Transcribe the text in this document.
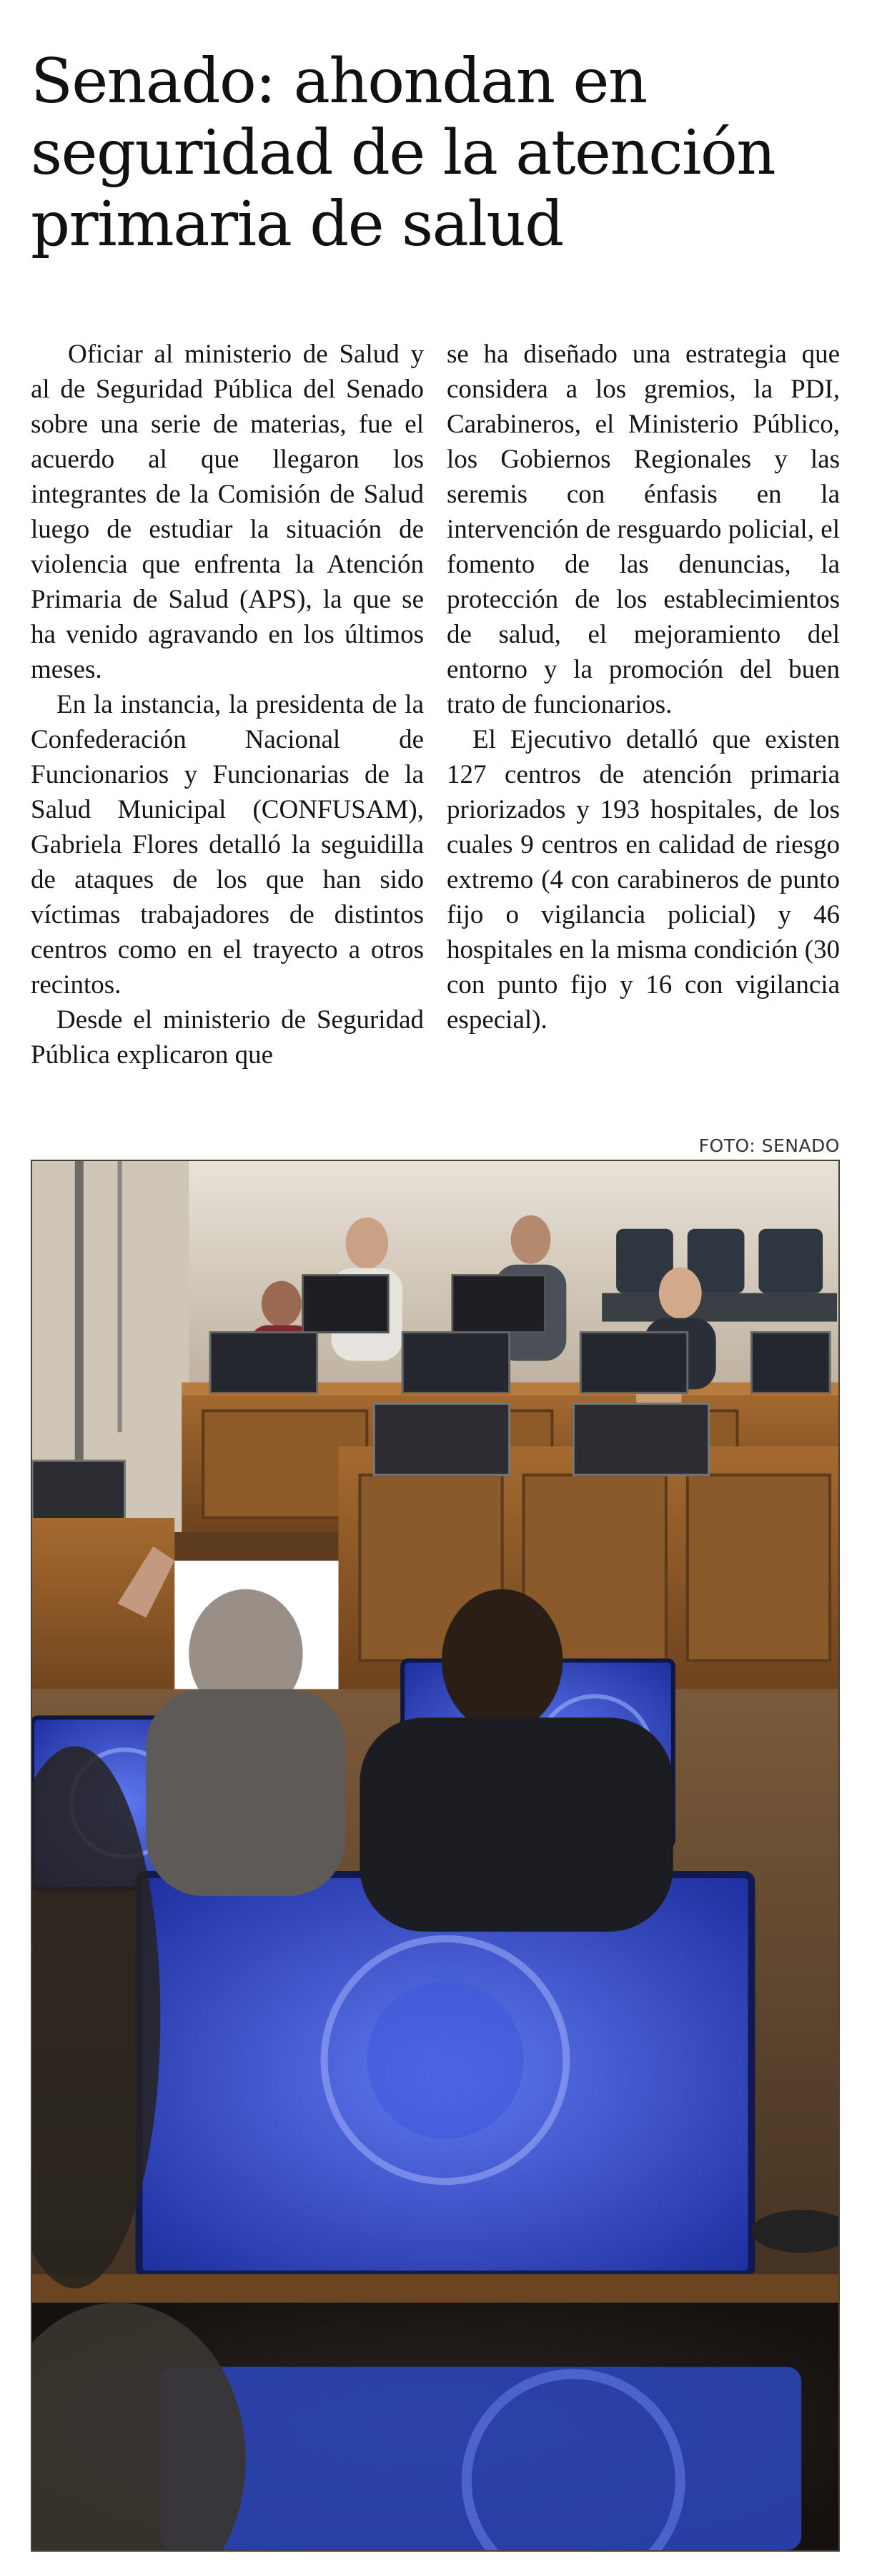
Senado: ahondan en
seguridad de la atención
primaria de salud

Oficiar al ministerio de Salud y al de Seguridad Pública del Senado sobre una serie de materias, fue el acuerdo al que llegaron los integrantes de la Comisión de Salud luego de estudiar la situación de violencia que enfrenta la Atención Primaria de Salud (APS), la que se ha venido agravando en los últimos meses.

En la instancia, la presidenta de la Confederación Nacional de Funcionarios y Funcionarias de la Salud Municipal (CONFUSAM), Gabriela Flores detalló la seguidilla de ataques de los que han sido víctimas trabajadores de distintos centros como en el trayecto a otros recintos.

Desde el ministerio de Seguridad Pública explicaron que

se ha diseñado una estrategia que considera a los gremios, la PDI, Carabineros, el Ministerio Público, los Gobiernos Regionales y las seremis con énfasis en la intervención de resguardo policial, el fomento de las denuncias, la protección de los establecimientos de salud, el mejoramiento del entorno y la promoción del buen trato de funcionarios.

El Ejecutivo detalló que existen 127 centros de atención primaria priorizados y 193 hospitales, de los cuales 9 centros en calidad de riesgo extremo (4 con carabineros de punto fijo o vigilancia policial) y 46 hospitales en la misma condición (30 con punto fijo y 16 con vigilancia especial).

FOTO: SENADO
